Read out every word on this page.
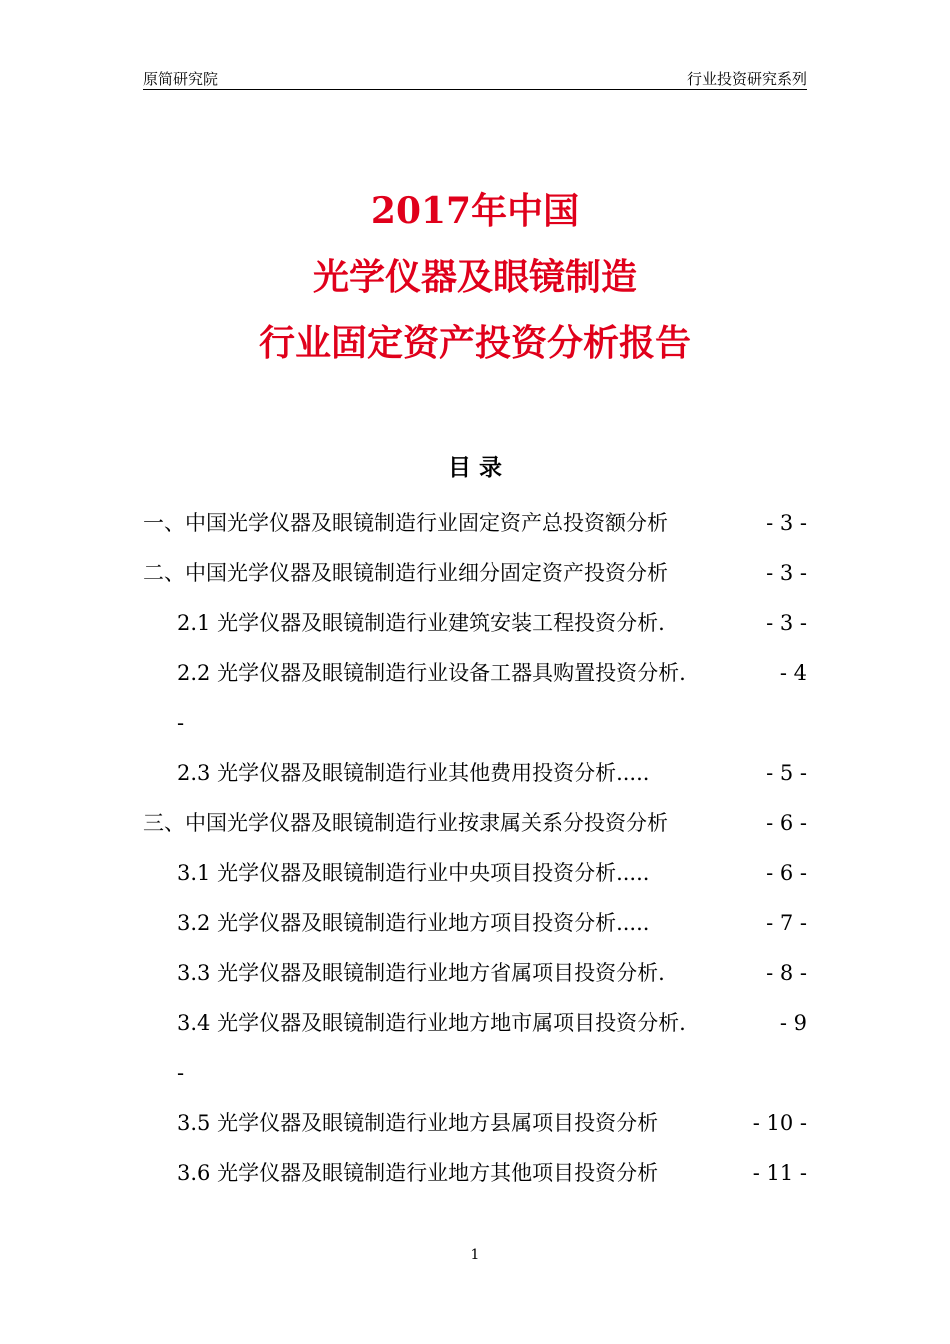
原简研究院	行业投资研究系列
2017年中国
光学仪器及眼镜制造
行业固定资产投资分析报告
目 录
一、中国光学仪器及眼镜制造行业固定资产总投资额分析	- 3 -
二、中国光学仪器及眼镜制造行业细分固定资产投资分析	- 3 -
2.1 光学仪器及眼镜制造行业建筑安装工程投资分析.	- 3 -
2.2 光学仪器及眼镜制造行业设备工器具购置投资分析.	- 4
-
2.3 光学仪器及眼镜制造行业其他费用投资分析.....	- 5 -
三、中国光学仪器及眼镜制造行业按隶属关系分投资分析	- 6 -
3.1 光学仪器及眼镜制造行业中央项目投资分析.....	- 6 -
3.2 光学仪器及眼镜制造行业地方项目投资分析.....	- 7 -
3.3 光学仪器及眼镜制造行业地方省属项目投资分析.	- 8 -
3.4 光学仪器及眼镜制造行业地方地市属项目投资分析.	- 9
-
3.5 光学仪器及眼镜制造行业地方县属项目投资分析	- 10 -
3.6 光学仪器及眼镜制造行业地方其他项目投资分析	- 11 -
1
